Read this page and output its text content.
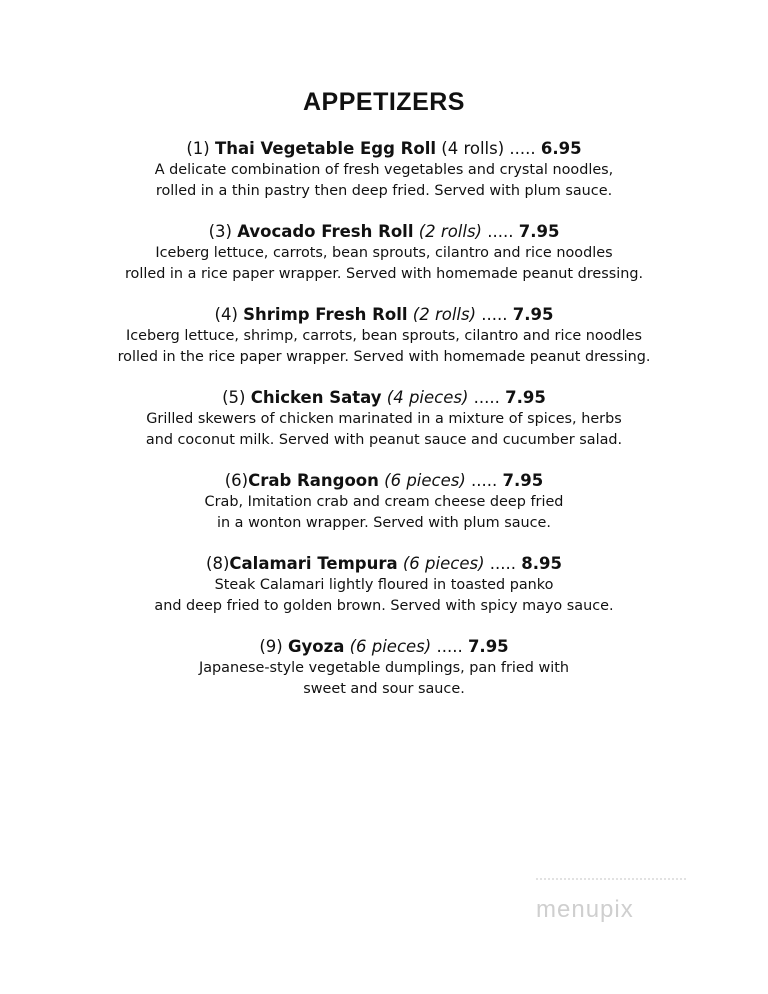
APPETIZERS
(1) Thai Vegetable Egg Roll (4 rolls) ..... 6.95
A delicate combination of fresh vegetables and crystal noodles,
rolled in a thin pastry then deep fried. Served with plum sauce.
(3) Avocado Fresh Roll (2 rolls) ..... 7.95
Iceberg lettuce, carrots, bean sprouts, cilantro and rice noodles
rolled in a rice paper wrapper. Served with homemade peanut dressing.
(4) Shrimp Fresh Roll (2 rolls) ..... 7.95
Iceberg lettuce, shrimp, carrots, bean sprouts, cilantro and rice noodles
rolled in the rice paper wrapper. Served with homemade peanut dressing.
(5) Chicken Satay (4 pieces) ..... 7.95
Grilled skewers of chicken marinated in a mixture of spices, herbs
and coconut milk. Served with peanut sauce and cucumber salad.
(6)Crab Rangoon (6 pieces) ..... 7.95
Crab, Imitation crab and cream cheese deep fried
in a wonton wrapper. Served with plum sauce.
(8)Calamari Tempura (6 pieces) ..... 8.95
Steak Calamari lightly floured in toasted panko
and deep fried to golden brown. Served with spicy mayo sauce.
(9) Gyoza (6 pieces) ..... 7.95
Japanese-style vegetable dumplings, pan fried with
sweet and sour sauce.
menupix
